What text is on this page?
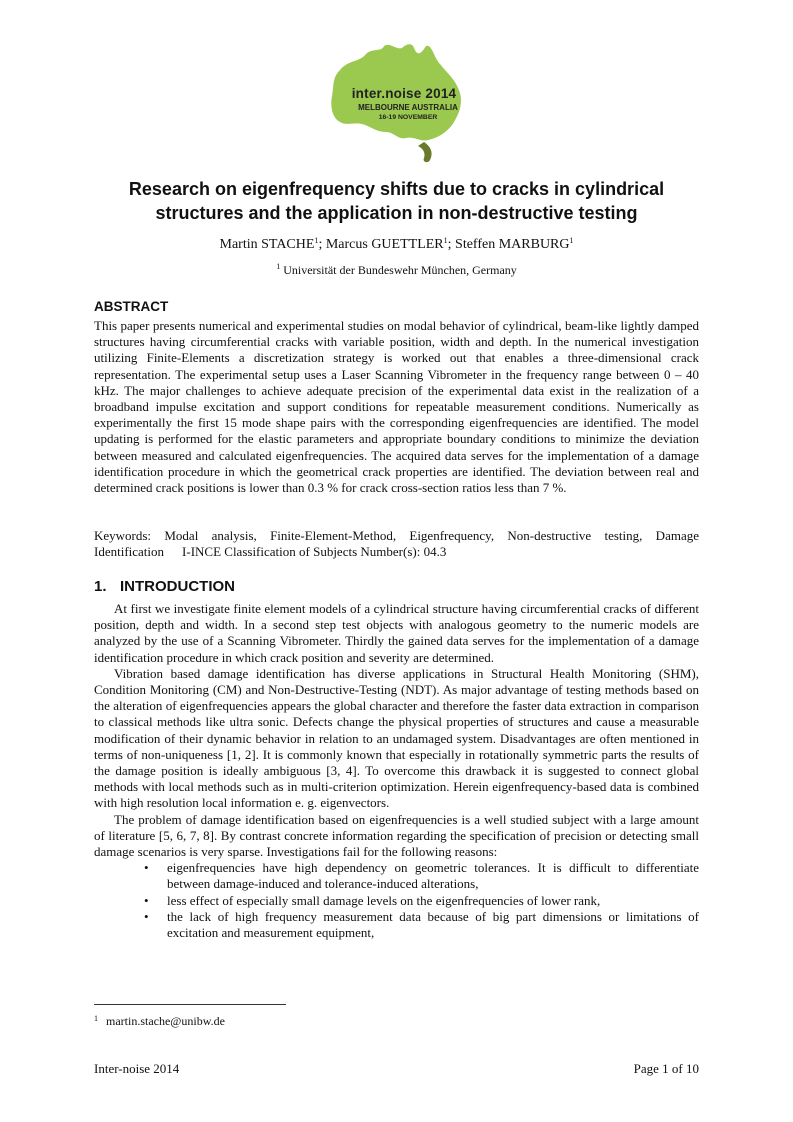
inter.noise 2014
MELBOURNE AUSTRALIA
16-19 NOVEMBER
Research on eigenfrequency shifts due to cracks in cylindrical structures and the application in non-destructive testing
Martin STACHE$^1$; Marcus GUETTLER$^1$; Steffen MARBURG$^1$
$^1$ Universität der Bundeswehr München, Germany
ABSTRACT
This paper presents numerical and experimental studies on modal behavior of cylindrical, beam-like lightly damped structures having circumferential cracks with variable position, width and depth. In the numerical investigation utilizing Finite-Elements a discretization strategy is worked out that enables a three-dimensional crack representation. The experimental setup uses a Laser Scanning Vibrometer in the frequency range between 0 – 40 kHz. The major challenges to achieve adequate precision of the experimental data exist in the realization of a broadband impulse excitation and support conditions for repeatable measurement conditions. Numerically as experimentally the first 15 mode shape pairs with the corresponding eigenfrequencies are identified. The model updating is performed for the elastic parameters and appropriate boundary conditions to minimize the deviation between measured and calculated eigenfrequencies. The acquired data serves for the implementation of a damage identification procedure in which the geometrical crack properties are identified. The deviation between real and determined crack positions is lower than 0.3 % for crack cross-section ratios less than 7 %.
Keywords: Modal analysis, Finite-Element-Method, Eigenfrequency, Non-destructive testing, Damage Identification I-INCE Classification of Subjects Number(s): 04.3
1. INTRODUCTION

At first we investigate finite element models of a cylindrical structure having circumferential cracks of different position, depth and width. In a second step test objects with analogous geometry to the numeric models are analyzed by the use of a Scanning Vibrometer. Thirdly the gained data serves for the implementation of a damage identification procedure in which crack position and severity are determined.

Vibration based damage identification has diverse applications in Structural Health Monitoring (SHM), Condition Monitoring (CM) and Non-Destructive-Testing (NDT). As major advantage of testing methods based on the alteration of eigenfrequencies appears the global character and therefore the faster data extraction in comparison to classical methods like ultra sonic. Defects change the physical properties of structures and cause a measurable modification of their dynamic behavior in relation to an undamaged system. Disadvantages are often mentioned in terms of non-uniqueness [1, 2]. It is commonly known that especially in rotationally symmetric parts the results of the damage position is ideally ambiguous [3, 4]. To overcome this drawback it is suggested to connect global methods with local methods such as in multi-criterion optimization. Herein eigenfrequency-based data is combined with high resolution local information e. g. eigenvectors.

The problem of damage identification based on eigenfrequencies is a well studied subject with a large amount of literature [5, 6, 7, 8]. By contrast concrete information regarding the specification of precision or detecting small damage scenarios is very sparse. Investigations fail for the following reasons:

• eigenfrequencies have high dependency on geometric tolerances. It is difficult to differentiate between damage-induced and tolerance-induced alterations,
• less effect of especially small damage levels on the eigenfrequencies of lower rank,
• the lack of high frequency measurement data because of big part dimensions or limitations of excitation and measurement equipment,
$^1$ martin.stache@unibw.de
Inter-noise 2014	Page 1 of 10
